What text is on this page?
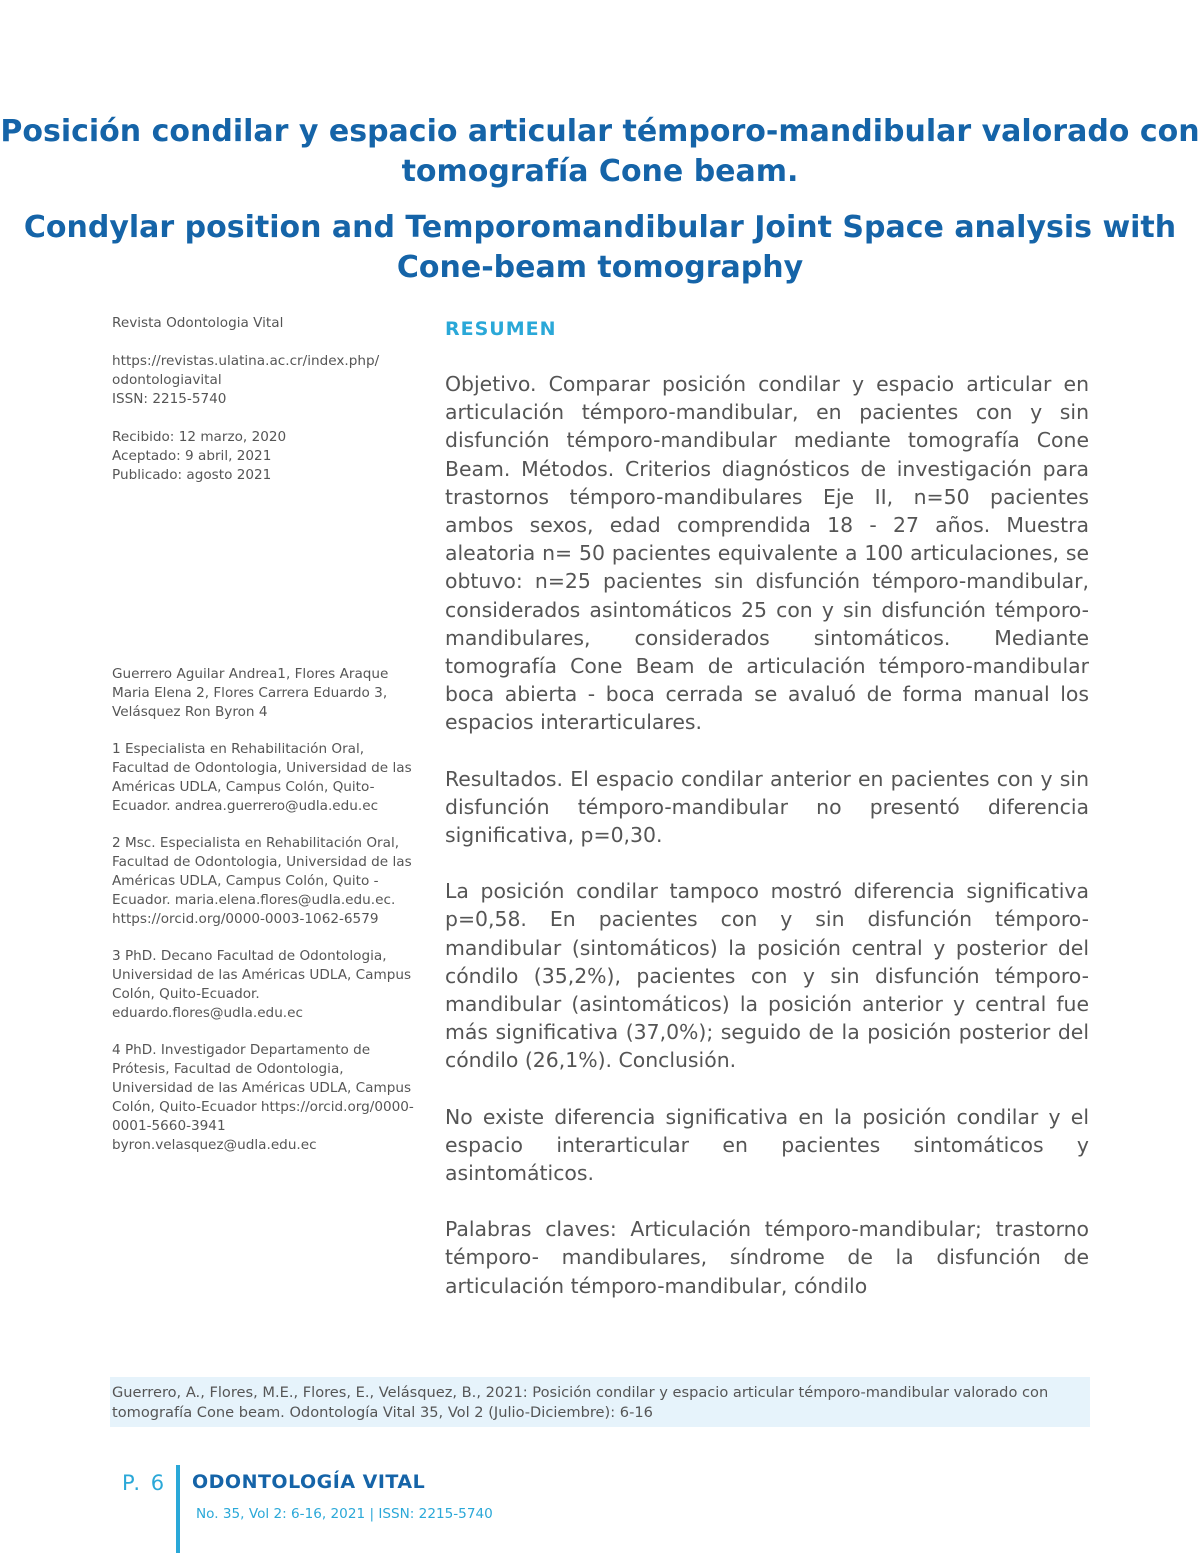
Posición condilar y espacio articular témporo-mandibular valorado con tomografía Cone beam.
Condylar position and Temporomandibular Joint Space analysis with Cone-beam tomography

Revista Odontologia Vital

https://revistas.ulatina.ac.cr/index.php/

odontologiavital

ISSN: 2215-5740

Recibido: 12 marzo, 2020

Aceptado: 9 abril, 2021

Publicado: agosto 2021

Guerrero Aguilar Andrea1, Flores Araque Maria Elena 2, Flores Carrera Eduardo 3, Velásquez Ron Byron 4

1 Especialista en Rehabilitación Oral, Facultad de Odontologia, Universidad de las Américas UDLA, Campus Colón, Quito-Ecuador. andrea.guerrero@udla.edu.ec

2 Msc. Especialista en Rehabilitación Oral, Facultad de Odontologia, Universidad de las Américas UDLA, Campus Colón, Quito -Ecuador. maria.elena.flores@udla.edu.ec. https://orcid.org/0000-0003-1062-6579

3 PhD. Decano Facultad de Odontologia, Universidad de las Américas UDLA, Campus Colón, Quito-Ecuador. eduardo.flores@udla.edu.ec

4 PhD. Investigador Departamento de Prótesis, Facultad de Odontologia, Universidad de las Américas UDLA, Campus Colón, Quito-Ecuador https://orcid.org/0000-0001-5660-3941 byron.velasquez@udla.edu.ec

RESUMEN

Objetivo. Comparar posición condilar y espacio articular en articulación témporo-mandibular, en pacientes con y sin disfunción témporo-mandibular mediante tomografía Cone Beam. Métodos. Criterios diagnósticos de investigación para trastornos témporo-mandibulares Eje II, n=50 pacientes ambos sexos, edad comprendida 18 - 27 años. Muestra aleatoria n= 50 pacientes equivalente a 100 articulaciones, se obtuvo: n=25 pacientes sin disfunción témporo-mandibular, considerados asintomáticos 25 con y sin disfunción témporo-mandibulares, considerados sintomáticos. Mediante tomografía Cone Beam de articulación témporo-mandibular boca abierta - boca cerrada se avaluó de forma manual los espacios interarticulares.

Resultados. El espacio condilar anterior en pacientes con y sin disfunción témporo-mandibular no presentó diferencia significativa, p=0,30.

La posición condilar tampoco mostró diferencia significativa p=0,58. En pacientes con y sin disfunción témporo-mandibular (sintomáticos) la posición central y posterior del cóndilo (35,2%), pacientes con y sin disfunción témporo-mandibular (asintomáticos) la posición anterior y central fue más significativa (37,0%); seguido de la posición posterior del cóndilo (26,1%). Conclusión.

No existe diferencia significativa en la posición condilar y el espacio interarticular en pacientes sintomáticos y asintomáticos.

Palabras claves: Articulación témporo-mandibular; trastorno témporo- mandibulares, síndrome de la disfunción de articulación témporo-mandibular, cóndilo

Guerrero, A., Flores, M.E., Flores, E., Velásquez, B., 2021: Posición condilar y espacio articular témporo-mandibular valorado con tomografía Cone beam. Odontología Vital 35, Vol 2 (Julio-Diciembre): 6-16
P. 6 ODONTOLOGÍA VITAL
No. 35, Vol 2: 6-16, 2021 | ISSN: 2215-5740
